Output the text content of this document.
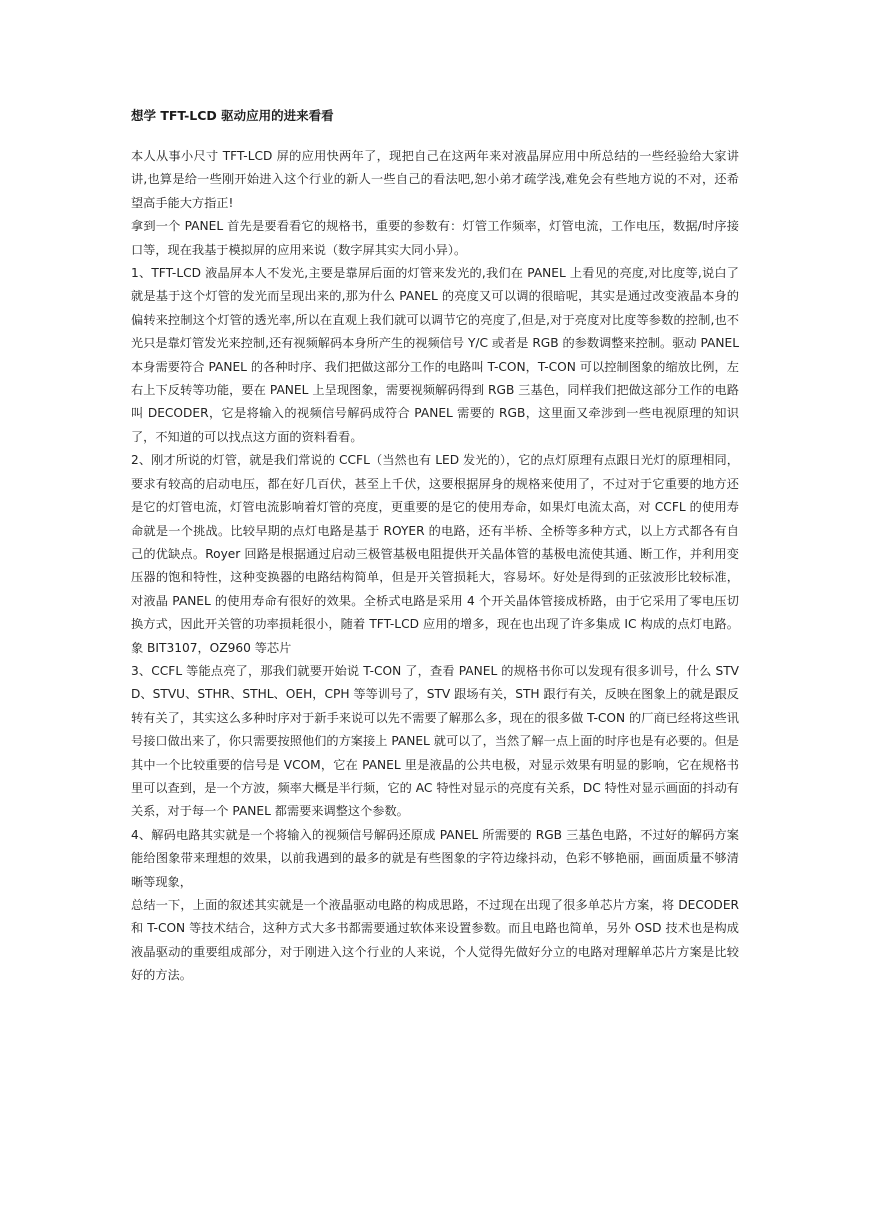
想学 TFT-LCD 驱动应用的进来看看

本人从事小尺寸 TFT-LCD 屏的应用快两年了，现把自己在这两年来对液晶屏应用中所总结的一些经验给大家讲讲,也算是给一些刚开始进入这个行业的新人一些自己的看法吧,恕小弟才疏学浅,难免会有些地方说的不对，还希望高手能大方指正!

拿到一个 PANEL 首先是要看看它的规格书，重要的参数有：灯管工作频率，灯管电流，工作电压，数据/时序接口等，现在我基于模拟屏的应用来说（数字屏其实大同小异）。

1、TFT-LCD 液晶屏本人不发光,主要是靠屏后面的灯管来发光的,我们在 PANEL 上看见的亮度,对比度等,说白了就是基于这个灯管的发光而呈现出来的,那为什么 PANEL 的亮度又可以调的很暗呢，其实是通过改变液晶本身的偏转来控制这个灯管的透光率,所以在直观上我们就可以调节它的亮度了,但是,对于亮度对比度等参数的控制,也不光只是靠灯管发光来控制,还有视频解码本身所产生的视频信号 Y/C 或者是 RGB 的参数调整来控制。驱动 PANEL 本身需要符合 PANEL 的各种时序、我们把做这部分工作的电路叫 T-CON，T-CON 可以控制图象的缩放比例，左右上下反转等功能，要在 PANEL 上呈现图象，需要视频解码得到 RGB 三基色，同样我们把做这部分工作的电路叫 DECODER，它是将输入的视频信号解码成符合 PANEL 需要的 RGB，这里面又牵涉到一些电视原理的知识了，不知道的可以找点这方面的资料看看。

2、刚才所说的灯管，就是我们常说的 CCFL（当然也有 LED 发光的），它的点灯原理有点跟日光灯的原理相同，要求有较高的启动电压，都在好几百伏，甚至上千伏，这要根据屏身的规格来使用了，不过对于它重要的地方还是它的灯管电流，灯管电流影响着灯管的亮度，更重要的是它的使用寿命，如果灯电流太高，对 CCFL 的使用寿命就是一个挑战。比较早期的点灯电路是基于 ROYER 的电路，还有半桥、全桥等多种方式，以上方式都各有自己的优缺点。Royer 回路是根据通过启动三极管基极电阻提供开关晶体管的基极电流使其通、断工作，并利用变压器的饱和特性，这种变换器的电路结构简单，但是开关管损耗大，容易坏。好处是得到的正弦波形比较标准，对液晶 PANEL 的使用寿命有很好的效果。全桥式电路是采用 4 个开关晶体管接成桥路，由于它采用了零电压切换方式，因此开关管的功率损耗很小，随着 TFT-LCD 应用的增多，现在也出现了许多集成 IC 构成的点灯电路。象 BIT3107，OZ960 等芯片

3、CCFL 等能点亮了，那我们就要开始说 T-CON 了，查看 PANEL 的规格书你可以发现有很多训号，什么 STVD、STVU、STHR、STHL、OEH，CPH 等等训号了，STV 跟场有关，STH 跟行有关，反映在图象上的就是跟反转有关了，其实这么多种时序对于新手来说可以先不需要了解那么多，现在的很多做 T-CON 的厂商已经将这些讯号接口做出来了，你只需要按照他们的方案接上 PANEL 就可以了，当然了解一点上面的时序也是有必要的。但是其中一个比较重要的信号是 VCOM，它在 PANEL 里是液晶的公共电极，对显示效果有明显的影响，它在规格书里可以查到，是一个方波，频率大概是半行频，它的 AC 特性对显示的亮度有关系，DC 特性对显示画面的抖动有关系，对于每一个 PANEL 都需要来调整这个参数。

4、解码电路其实就是一个将输入的视频信号解码还原成 PANEL 所需要的 RGB 三基色电路，不过好的解码方案能给图象带来理想的效果，以前我遇到的最多的就是有些图象的字符边缘抖动，色彩不够艳丽，画面质量不够清晰等现象，

总结一下，上面的叙述其实就是一个液晶驱动电路的构成思路，不过现在出现了很多单芯片方案，将 DECODER 和 T-CON 等技术结合，这种方式大多书都需要通过软体来设置参数。而且电路也简单，另外 OSD 技术也是构成液晶驱动的重要组成部分，对于刚进入这个行业的人来说，个人觉得先做好分立的电路对理解单芯片方案是比较好的方法。
